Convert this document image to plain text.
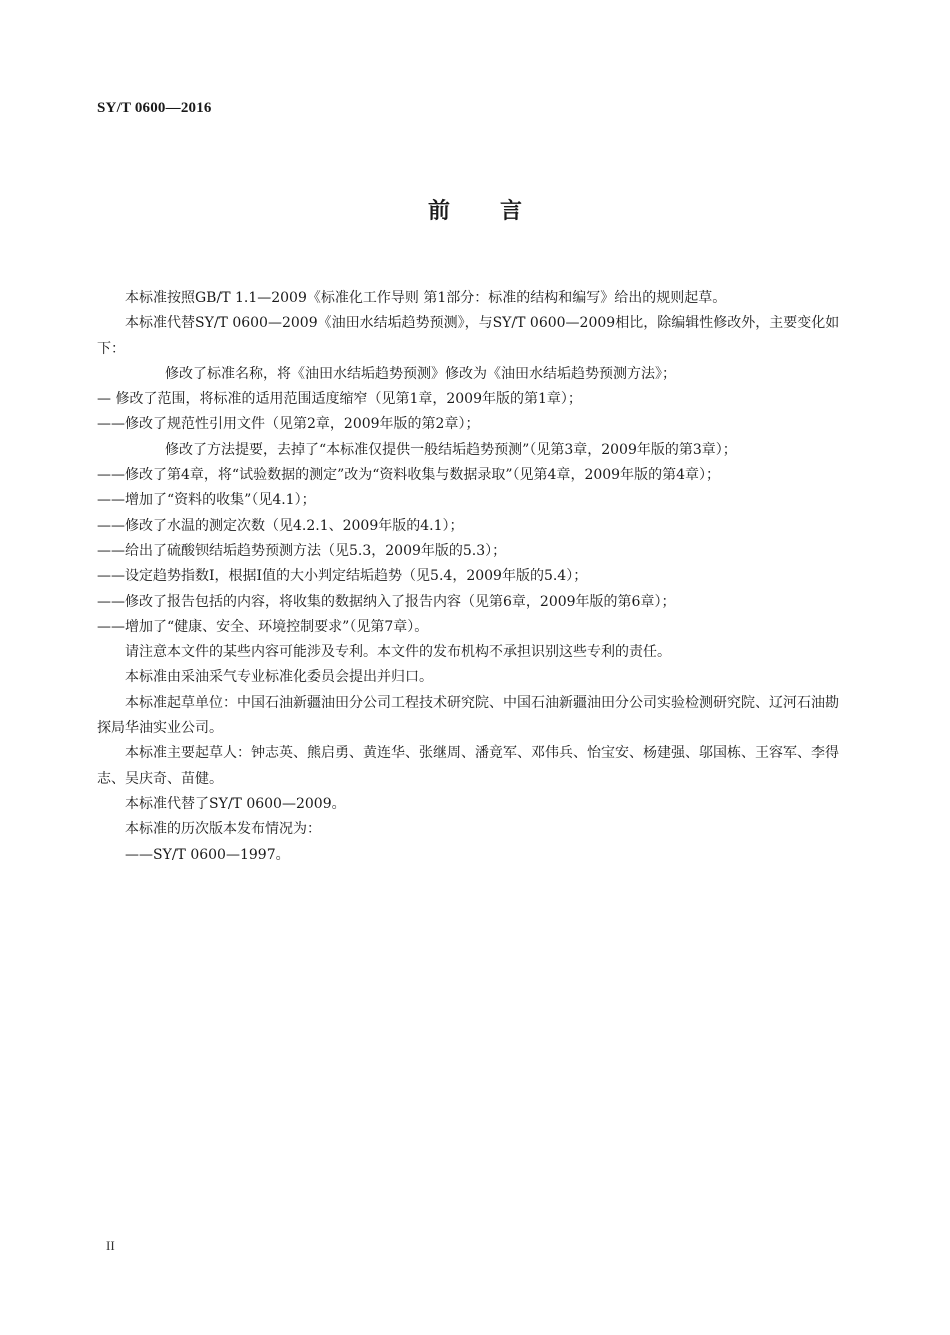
SY/T 0600—2016
前言

本标准按照GB/T 1.1—2009《标准化工作导则 第1部分：标准的结构和编写》给出的规则起草。

本标准代替SY/T 0600—2009《油田水结垢趋势预测》，与SY/T 0600—2009相比，除编辑性修改外，主要变化如下：

修改了标准名称，将《油田水结垢趋势预测》修改为《油田水结垢趋势预测方法》；

— 修改了范围，将标准的适用范围适度缩窄（见第1章，2009年版的第1章）；

——修改了规范性引用文件（见第2章，2009年版的第2章）；

修改了方法提要，去掉了“本标准仅提供一般结垢趋势预测”（见第3章，2009年版的第3章）；

——修改了第4章，将“试验数据的测定”改为“资料收集与数据录取”（见第4章，2009年版的第4章）；

——增加了“资料的收集”（见4.1）；

——修改了水温的测定次数（见4.2.1、2009年版的4.1）；

——给出了硫酸钡结垢趋势预测方法（见5.3，2009年版的5.3）；

——设定趋势指数I，根据I值的大小判定结垢趋势（见5.4，2009年版的5.4）；

——修改了报告包括的内容，将收集的数据纳入了报告内容（见第6章，2009年版的第6章）；

——增加了“健康、安全、环境控制要求”（见第7章）。

请注意本文件的某些内容可能涉及专利。本文件的发布机构不承担识别这些专利的责任。

本标准由采油采气专业标准化委员会提出并归口。

本标准起草单位：中国石油新疆油田分公司工程技术研究院、中国石油新疆油田分公司实验检测研究院、辽河石油勘探局华油实业公司。

本标准主要起草人：钟志英、熊启勇、黄连华、张继周、潘竟军、邓伟兵、怡宝安、杨建强、邬国栋、王容军、李得志、吴庆奇、苗健。

本标准代替了SY/T 0600—2009。

本标准的历次版本发布情况为：

——SY/T 0600—1997。

II
